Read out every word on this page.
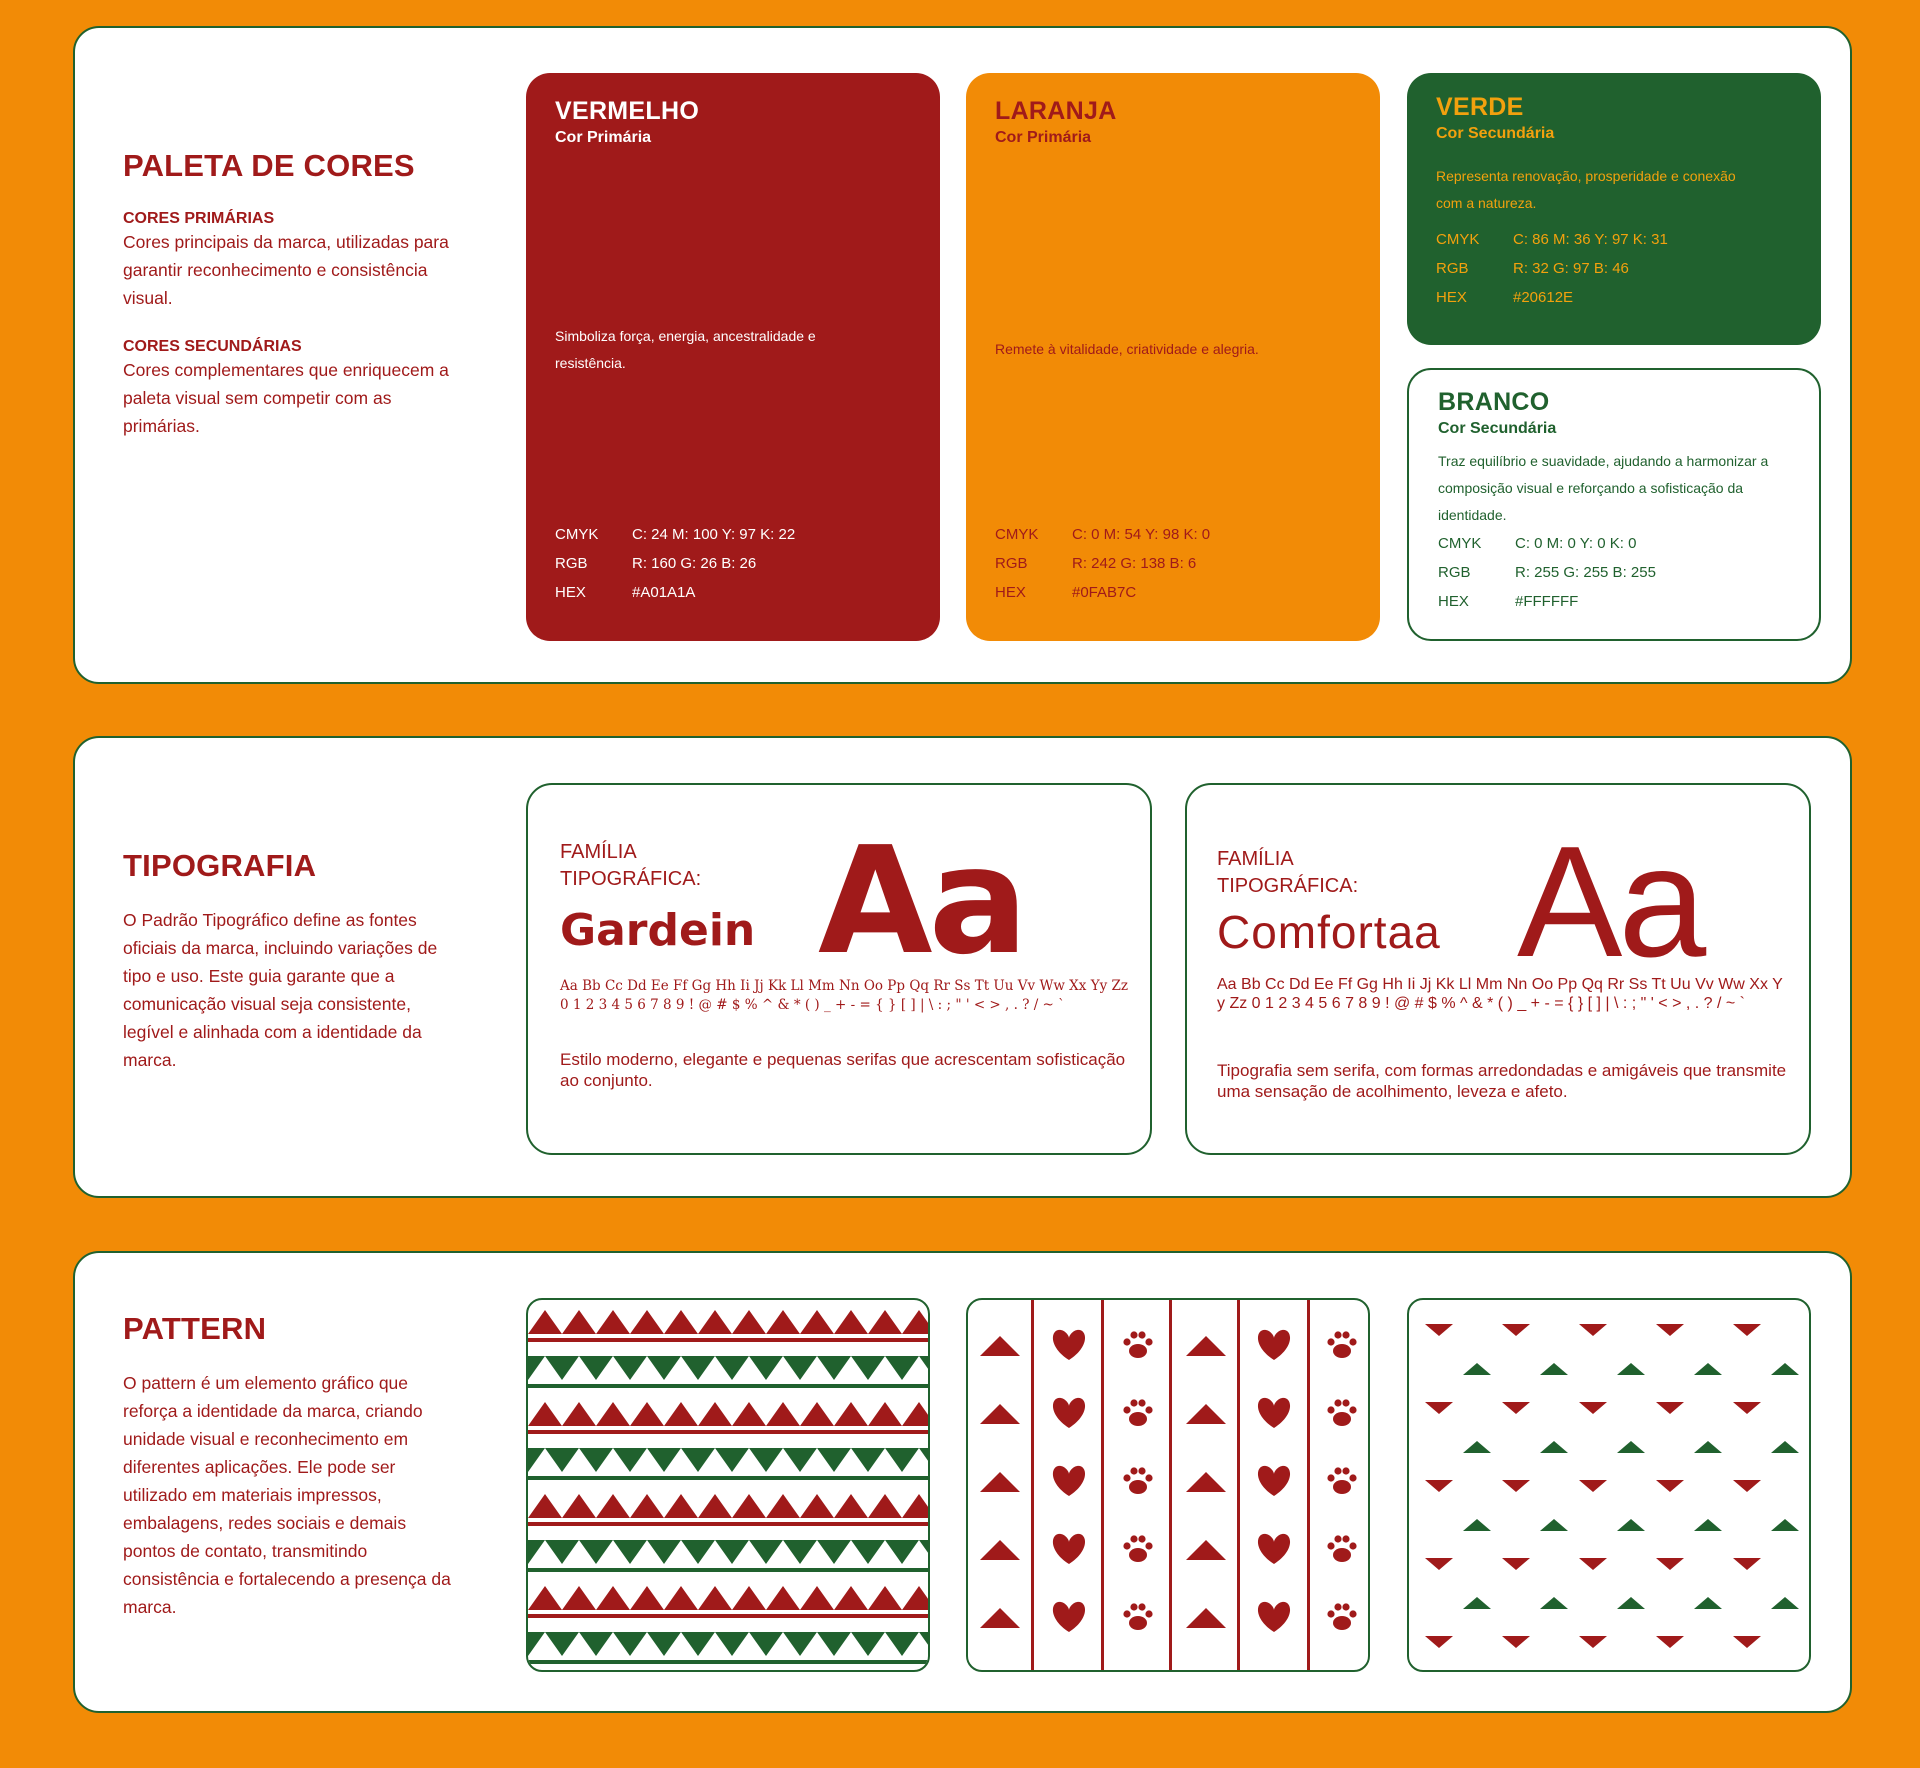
PALETA DE CORES
CORES PRIMÁRIAS

Cores principais da marca, utilizadas para garantir reconhecimento e consistência visual.

CORES SECUNDÁRIAS

Cores complementares que enriquecem a paleta visual sem competir com as primárias.

VERMELHO
Cor Primária

Simboliza força, energia, ancestralidade e resistência.

CMYK	C: 24 M: 100 Y: 97 K: 22
RGB	R: 160 G: 26 B: 26
HEX	#A01A1A
LARANJA
Cor Primária

Remete à vitalidade, criatividade e alegria.

CMYK	C: 0 M: 54 Y: 98 K: 0
RGB	R: 242 G: 138 B: 6
HEX	#0FAB7C
VERDE
Cor Secundária

Representa renovação, prosperidade e conexão com a natureza.

CMYK	C: 86 M: 36 Y: 97 K: 31
RGB	R: 32 G: 97 B: 46
HEX	#20612E
BRANCO
Cor Secundária

Traz equilíbrio e suavidade, ajudando a harmonizar a composição visual e reforçando a sofisticação da identidade.

CMYK	C: 0 M: 0 Y: 0 K: 0
RGB	R: 255 G: 255 B: 255
HEX	#FFFFFF
TIPOGRAFIA

O Padrão Tipográfico define as fontes oficiais da marca, incluindo variações de tipo e uso. Este guia garante que a comunicação visual seja consistente, legível e alinhada com a identidade da marca.

FAMÍLIA TIPOGRÁFICA:
Gardein Aa
Aa Bb Cc Dd Ee Ff Gg Hh Ii Jj Kk Ll Mm Nn Oo Pp Qq Rr Ss Tt Uu Vv Ww Xx Yy Zz 0 1 2 3 4 5 6 7 8 9 ! @ # $ % ^ & * ( ) _ + - = { } [ ] | \ : ; " ' < > , . ? / ~ `
Estilo moderno, elegante e pequenas serifas que acrescentam sofisticação ao conjunto.
FAMÍLIA TIPOGRÁFICA:
Comfortaa Aa
Aa Bb Cc Dd Ee Ff Gg Hh Ii Jj Kk Ll Mm Nn Oo Pp Qq Rr Ss Tt Uu Vv Ww Xx Yy Zz 0 1 2 3 4 5 6 7 8 9 ! @ # $ % ^ & * ( ) _ + - = { } [ ] | \ : ; " ' < > , . ? / ~ `
Tipografia sem serifa, com formas arredondadas e amigáveis que transmite uma sensação de acolhimento, leveza e afeto.
PATTERN

O pattern é um elemento gráfico que reforça a identidade da marca, criando unidade visual e reconhecimento em diferentes aplicações. Ele pode ser utilizado em materiais impressos, embalagens, redes sociais e demais pontos de contato, transmitindo consistência e fortalecendo a presença da marca.
